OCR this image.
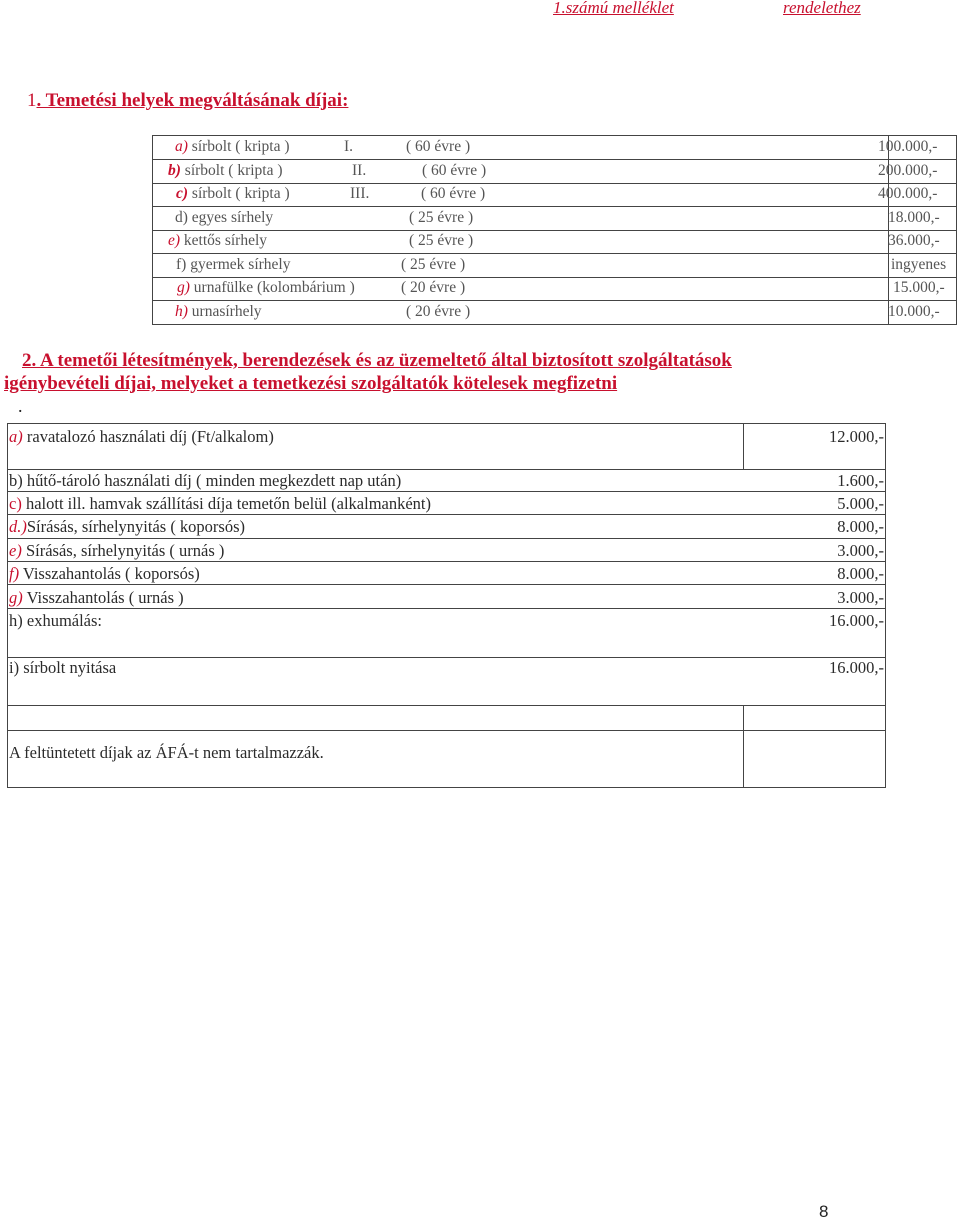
1.számú melléklet	rendelethez
1. Temetési helyek megváltásának díjai:
a) sírbolt ( kripta )	I.	( 60 évre )	100.000,-
b) sírbolt ( kripta )	II.	( 60 évre )	200.000,-
c) sírbolt ( kripta )	III.	( 60 évre )	400.000,-
d) egyes sírhely	( 25 évre )	18.000,-
e) kettős sírhely	( 25 évre )	36.000,-
f) gyermek sírhely	( 25 évre )	ingyenes
g) urnafülke (kolombárium )	( 20 évre )	15.000,-
h) urnasírhely	( 20 évre )	10.000,-
2. A temetői létesítmények, berendezések és az üzemeltető által biztosított szolgáltatások
igénybevételi díjai, melyeket a temetkezési szolgáltatók kötelesek megfizetni
.
a) ravatalozó használati díj (Ft/alkalom)	12.000,-
b) hűtő-tároló használati díj ( minden megkezdett nap után)	1.600,-
c) halott ill. hamvak szállítási díja temetőn belül (alkalmanként)	5.000,-
d.)Sírásás, sírhelynyitás ( koporsós)	8.000,-
e) Sírásás, sírhelynyitás ( urnás )	3.000,-
f) Visszahantolás ( koporsós)	8.000,-
g) Visszahantolás ( urnás )	3.000,-
h) exhumálás:	16.000,-
i) sírbolt nyitása	16.000,-
A feltüntetett díjak az ÁFÁ-t nem tartalmazzák.
8
